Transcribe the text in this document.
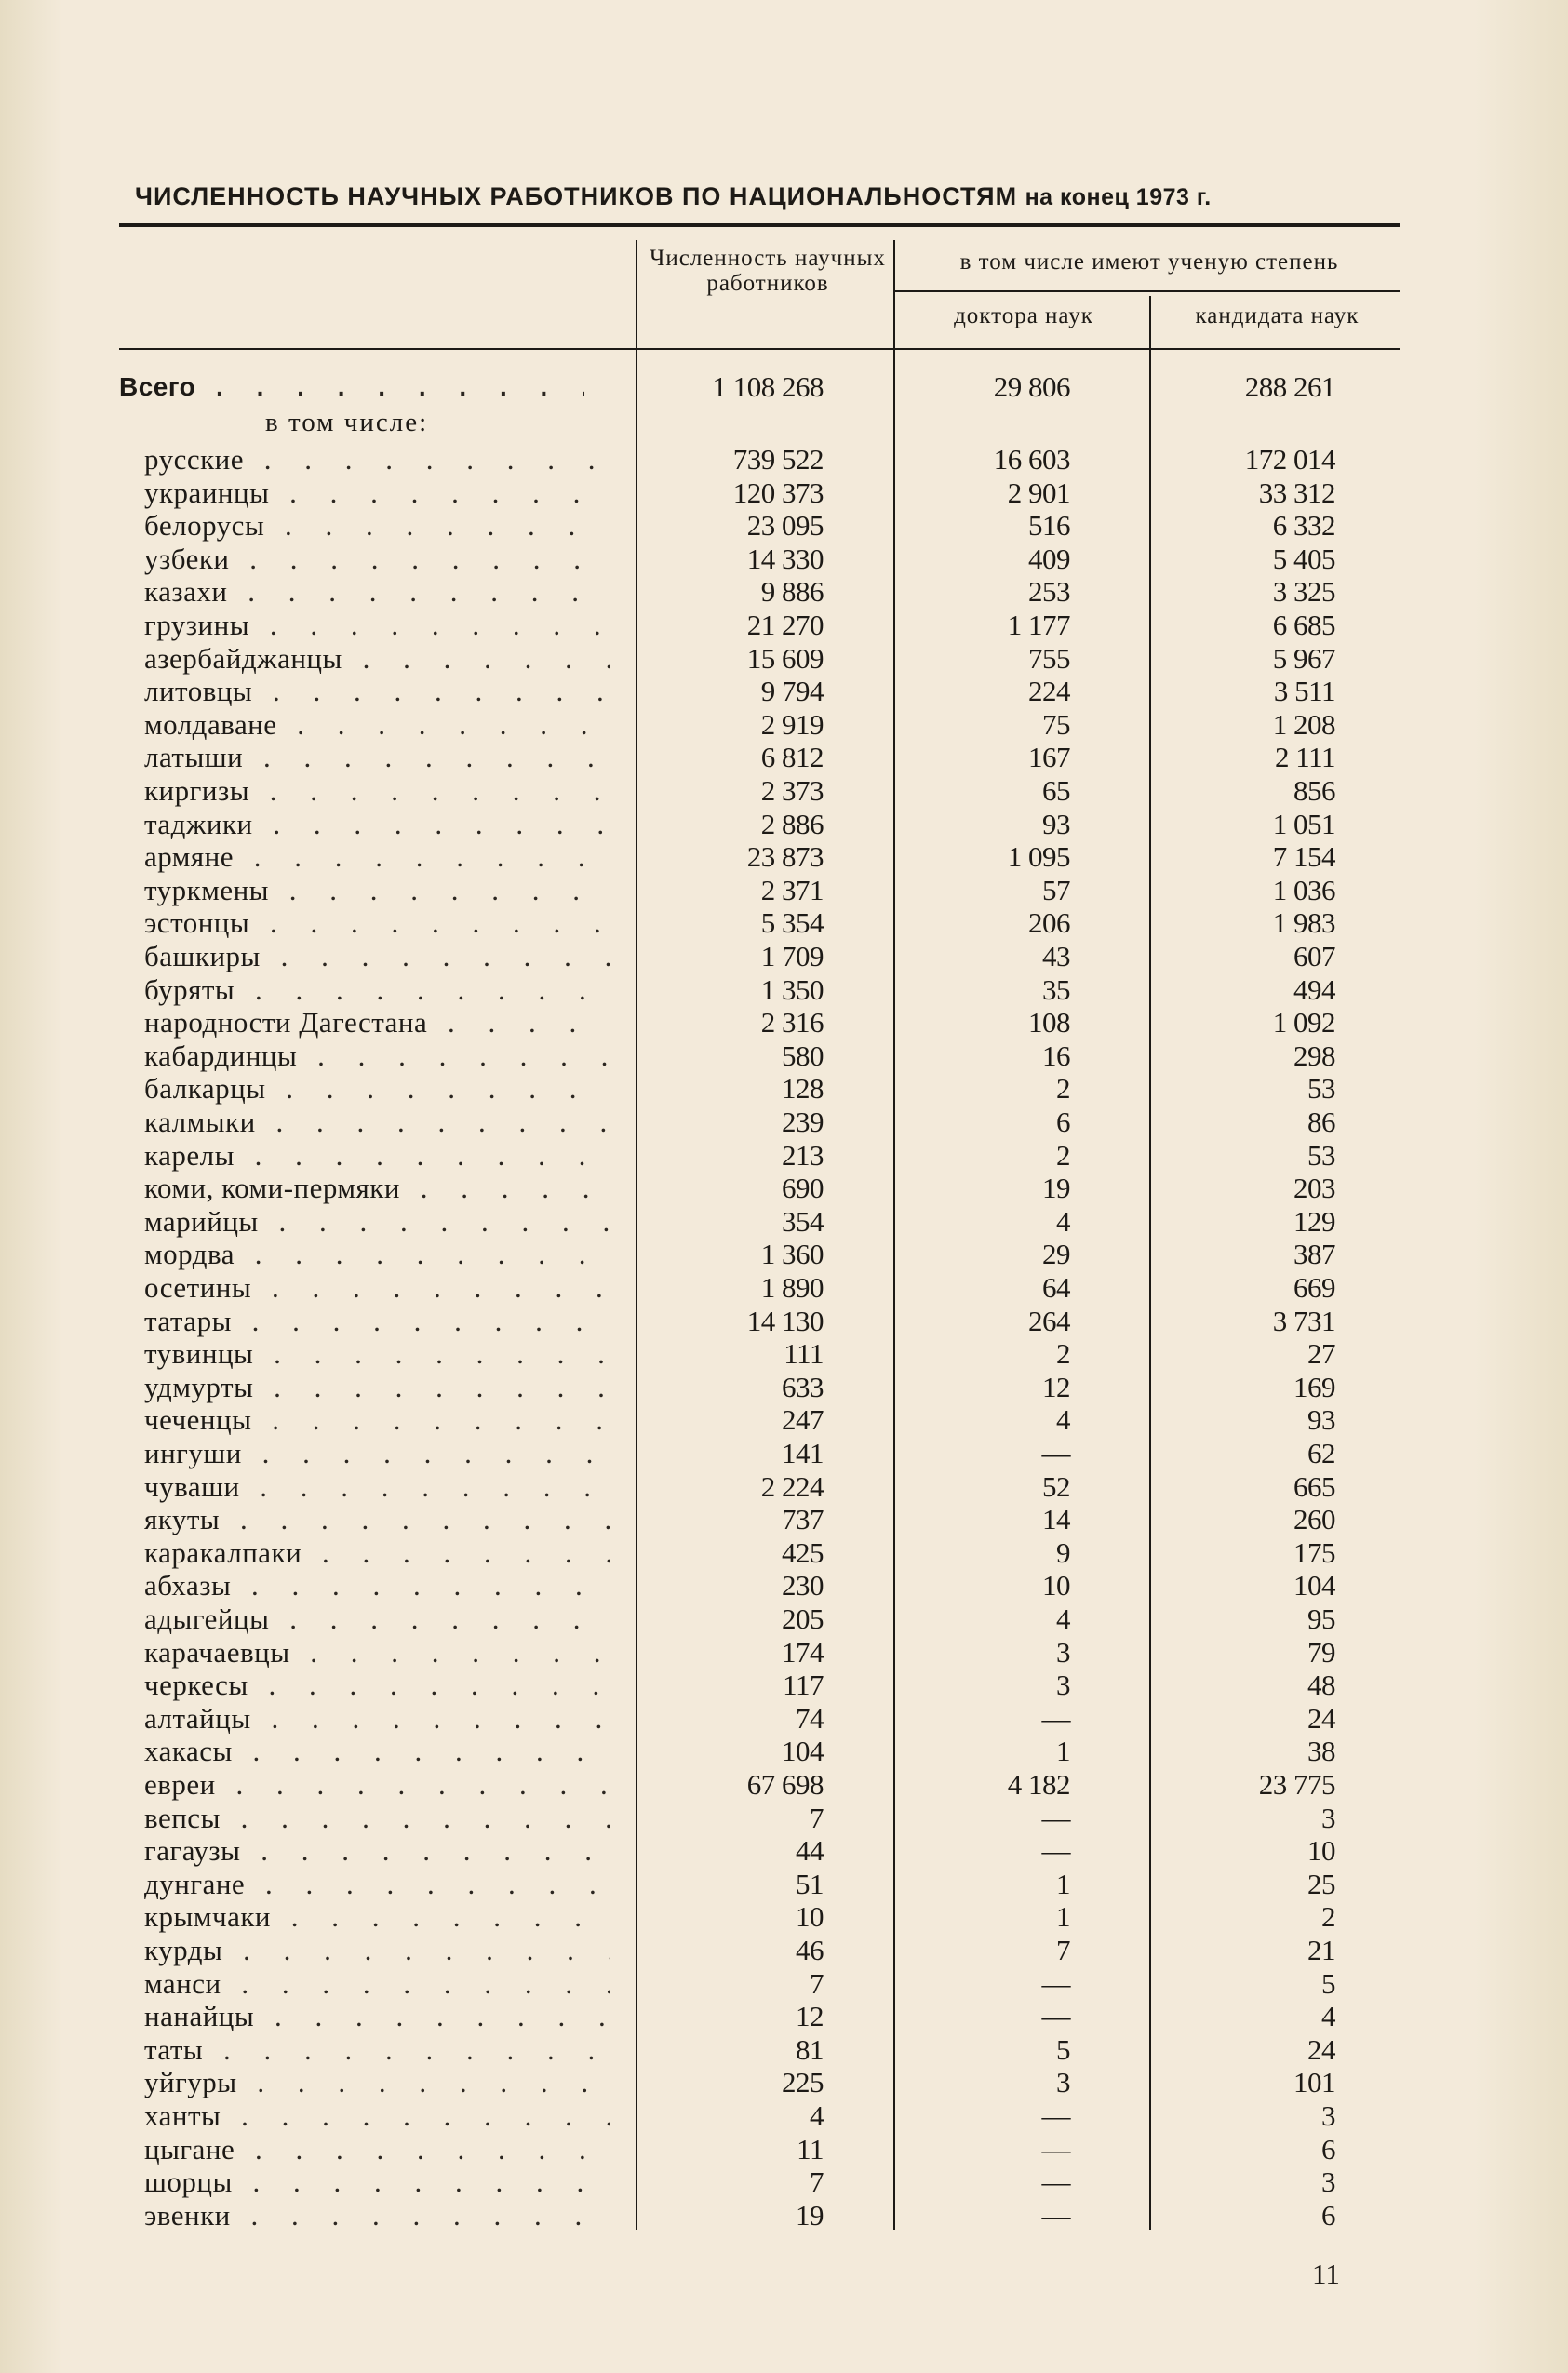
ЧИСЛЕННОСТЬ НАУЧНЫХ РАБОТНИКОВ ПО НАЦИОНАЛЬНОСТЯМ на конец 1973 г.
Численность научных работников
в том числе имеют ученую степень
доктора наук	кандидата наук
Всего . . .	1 108 268	29 806	288 261
в том числе:
русские . . .	739 522	16 603	172 014
украинцы . . .	120 373	2 901	33 312
белорусы . . .	23 095	516	6 332
узбеки . . .	14 330	409	5 405
казахи . . .	9 886	253	3 325
грузины . . .	21 270	1 177	6 685
азербайджанцы . . .	15 609	755	5 967
литовцы . . .	9 794	224	3 511
молдаване . . .	2 919	75	1 208
латыши . . .	6 812	167	2 111
киргизы . . .	2 373	65	856
таджики . . .	2 886	93	1 051
армяне . . .	23 873	1 095	7 154
туркмены . . .	2 371	57	1 036
эстонцы . . .	5 354	206	1 983
башкиры . . .	1 709	43	607
буряты . . .	1 350	35	494
народности Дагестана . . .	2 316	108	1 092
кабардинцы . . .	580	16	298
балкарцы . . .	128	2	53
калмыки . . .	239	6	86
карелы . . .	213	2	53
коми, коми-пермяки . . .	690	19	203
марийцы . . .	354	4	129
мордва . . .	1 360	29	387
осетины . . .	1 890	64	669
татары . . .	14 130	264	3 731
тувинцы . . .	111	2	27
удмурты . . .	633	12	169
чеченцы . . .	247	4	93
ингуши . . .	141	—	62
чуваши . . .	2 224	52	665
якуты . . .	737	14	260
каракалпаки . . .	425	9	175
абхазы . . .	230	10	104
адыгейцы . . .	205	4	95
карачаевцы . . .	174	3	79
черкесы . . .	117	3	48
алтайцы . . .	74	—	24
хакасы . . .	104	1	38
евреи . . .	67 698	4 182	23 775
вепсы . . .	7	—	3
гагаузы . . .	44	—	10
дунгане . . .	51	1	25
крымчаки . . .	10	1	2
курды . . .	46	7	21
манси . . .	7	—	5
нанайцы . . .	12	—	4
таты . . .	81	5	24
уйгуры . . .	225	3	101
ханты . . .	4	—	3
цыгане . . .	11	—	6
шорцы . . .	7	—	3
эвенки . . .	19	—	6
11
